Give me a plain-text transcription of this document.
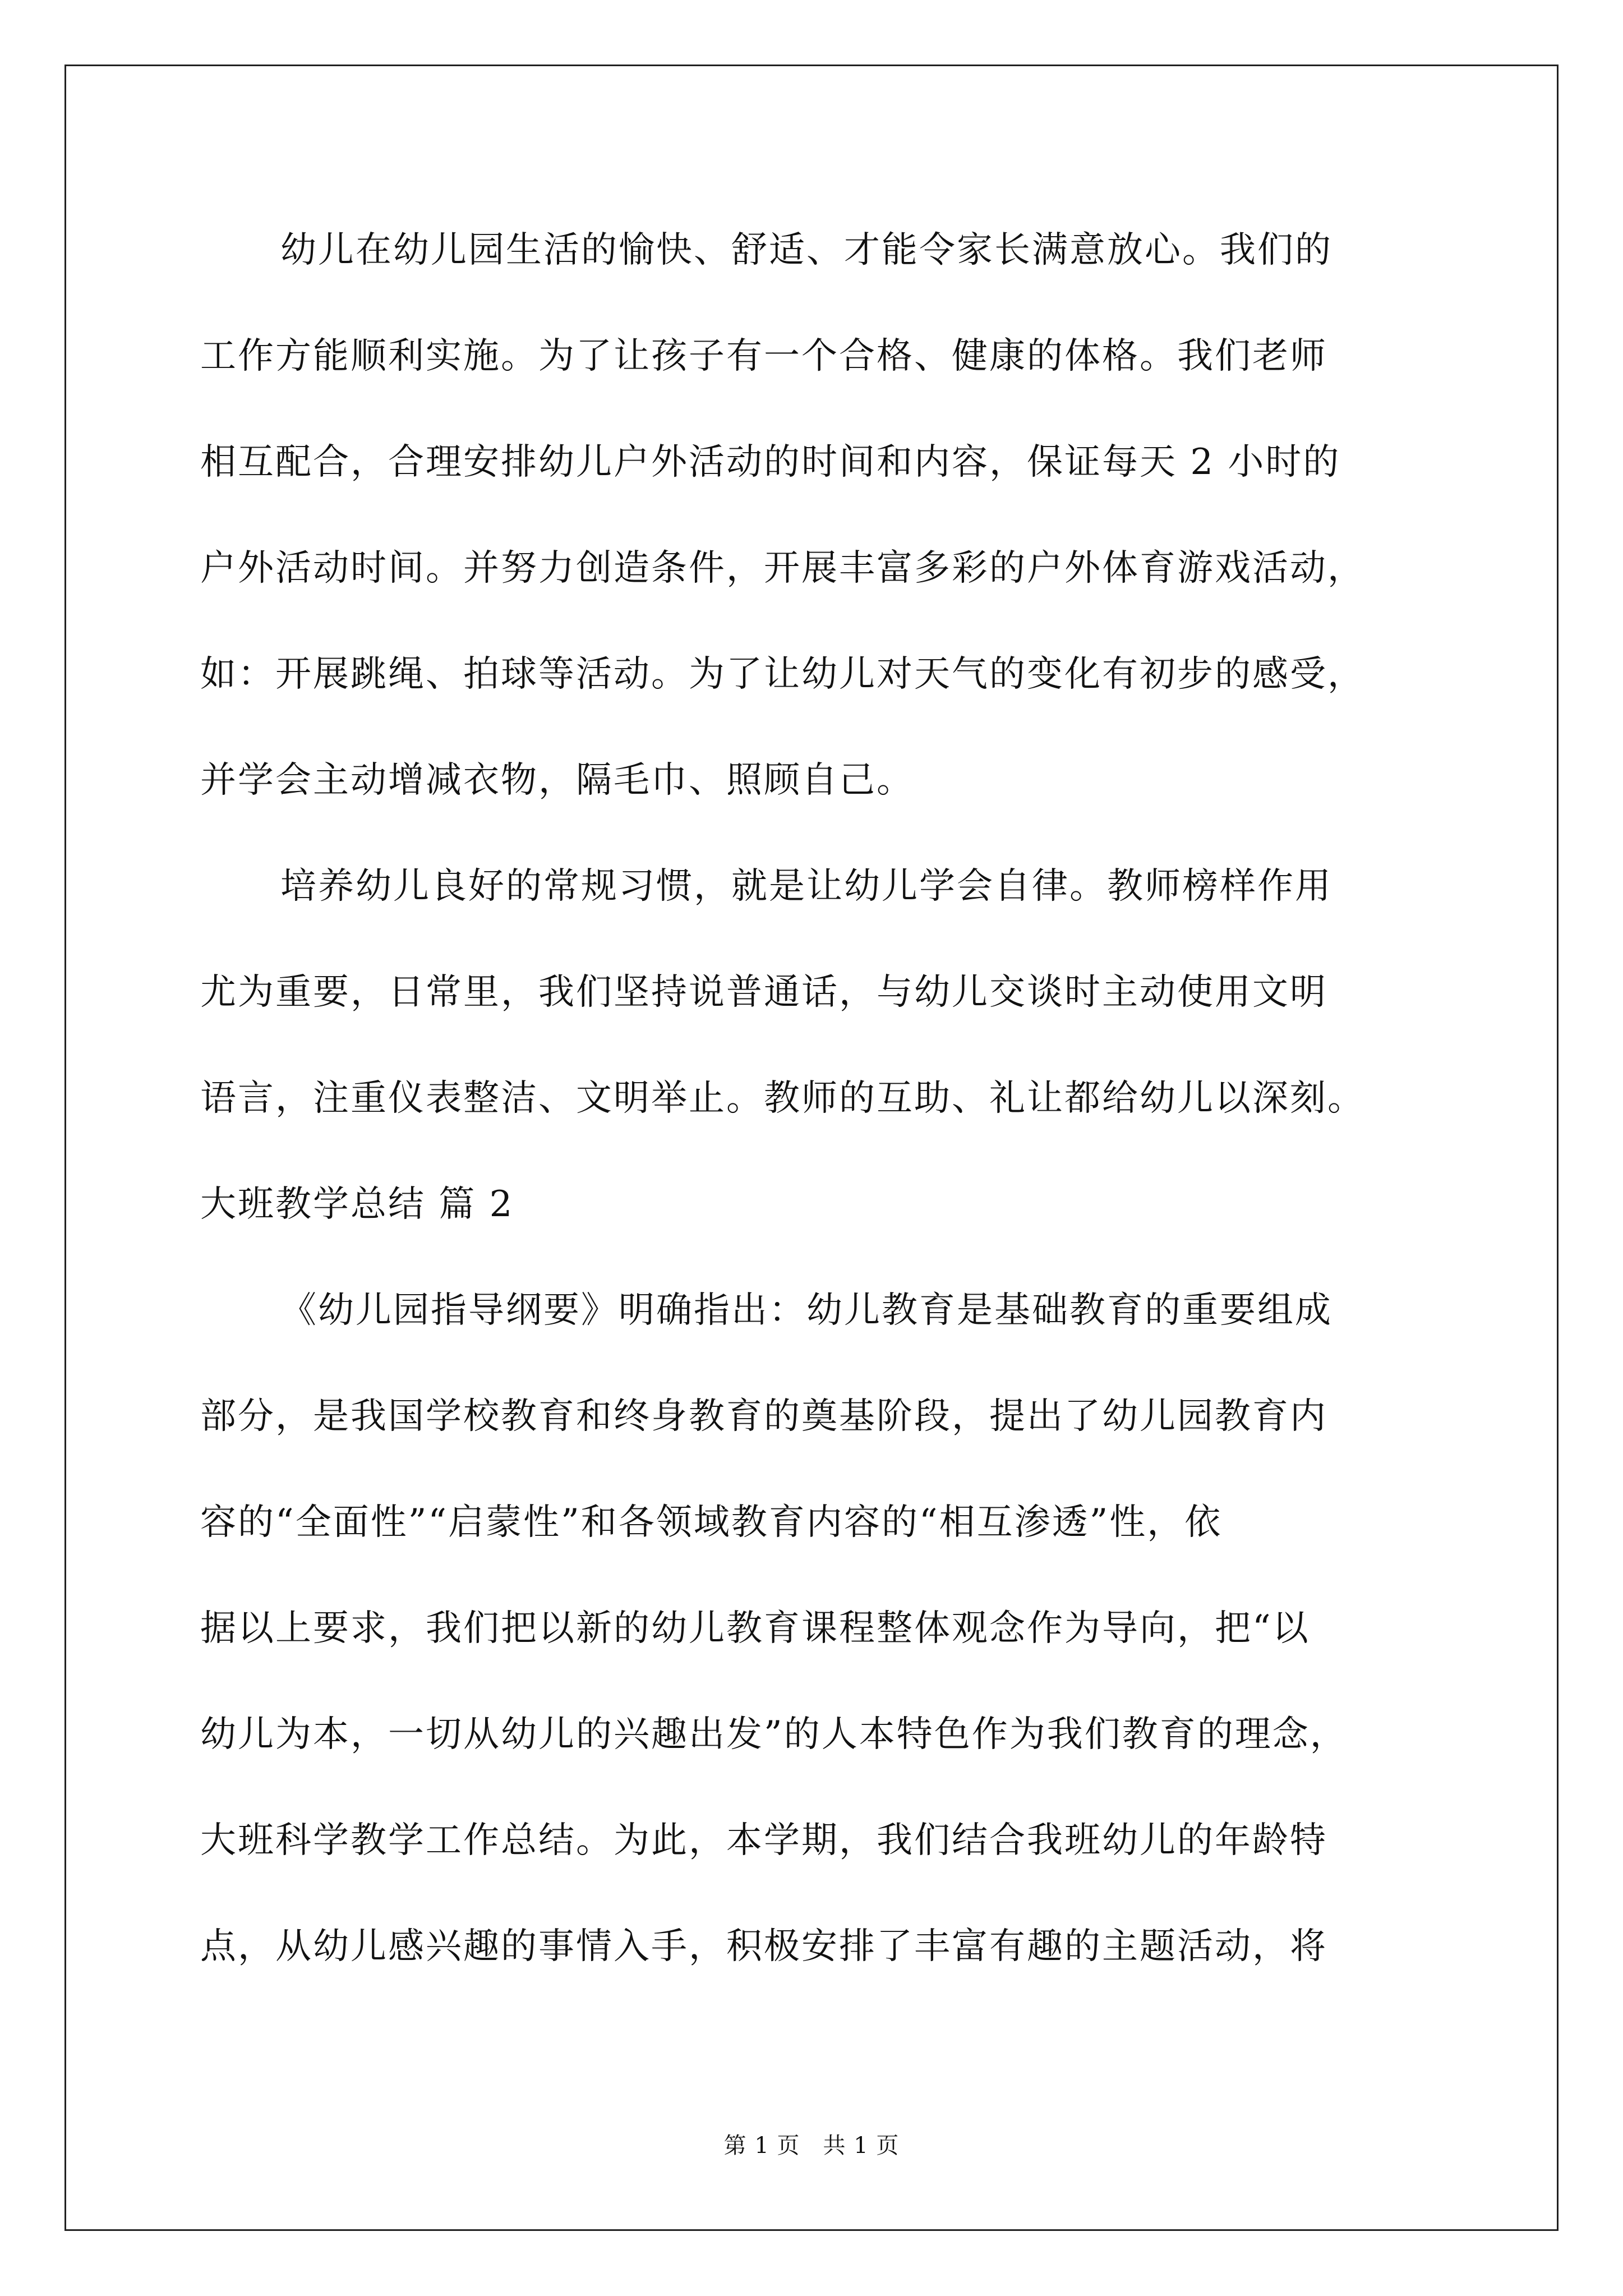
幼儿在幼儿园生活的愉快、舒适、才能令家长满意放心。我们的
工作方能顺利实施。为了让孩子有一个合格、健康的体格。我们老师
相互配合，合理安排幼儿户外活动的时间和内容，保证每天 2 小时的
户外活动时间。并努力创造条件，开展丰富多彩的户外体育游戏活动，
如：开展跳绳、拍球等活动。为了让幼儿对天气的变化有初步的感受，
并学会主动增减衣物，隔毛巾、照顾自己。
培养幼儿良好的常规习惯，就是让幼儿学会自律。教师榜样作用
尤为重要，日常里，我们坚持说普通话，与幼儿交谈时主动使用文明
语言，注重仪表整洁、文明举止。教师的互助、礼让都给幼儿以深刻。
大班教学总结 篇 2
《幼儿园指导纲要》明确指出：幼儿教育是基础教育的重要组成
部分，是我国学校教育和终身教育的奠基阶段，提出了幼儿园教育内
容的“全面性”“启蒙性”和各领域教育内容的“相互渗透”性，依
据以上要求，我们把以新的幼儿教育课程整体观念作为导向，把“以
幼儿为本，一切从幼儿的兴趣出发”的人本特色作为我们教育的理念，
大班科学教学工作总结。为此，本学期，我们结合我班幼儿的年龄特
点，从幼儿感兴趣的事情入手，积极安排了丰富有趣的主题活动，将
第 1 页　共 1 页
